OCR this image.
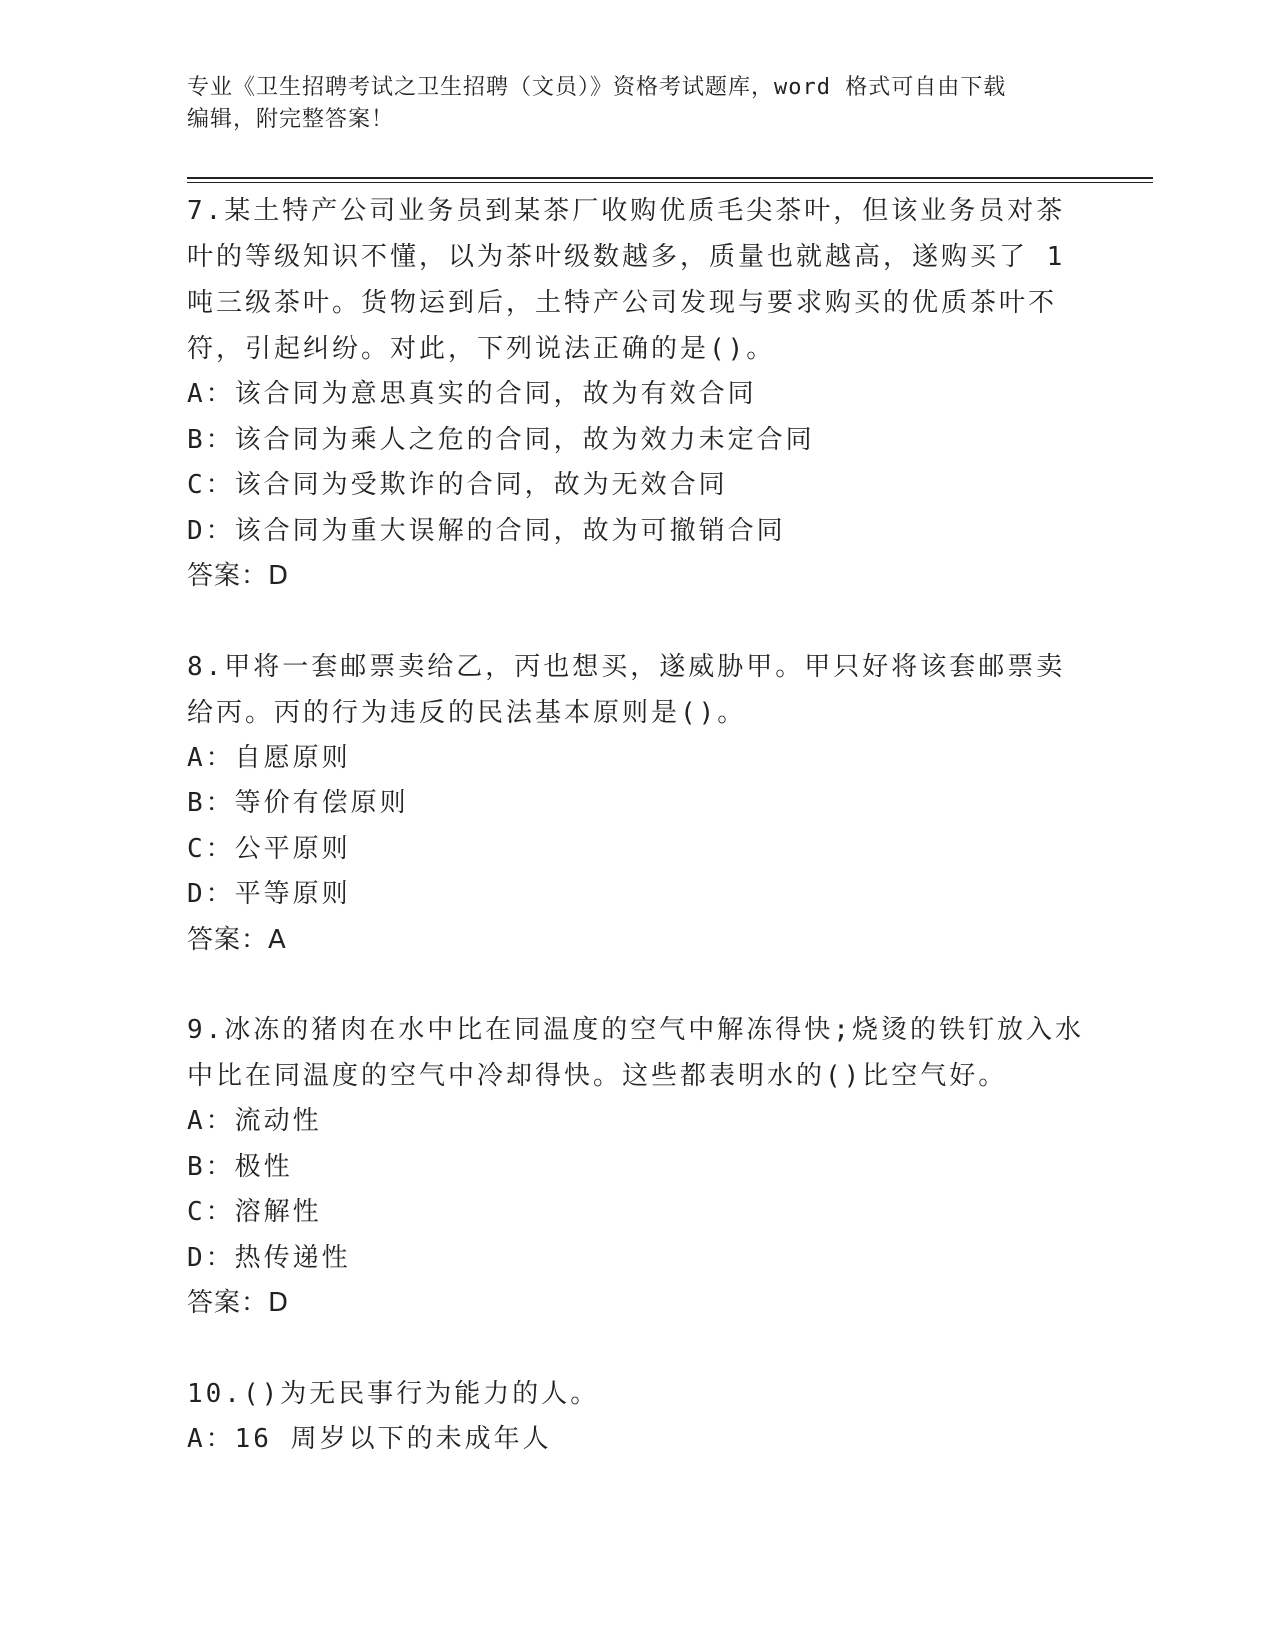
专业《卫生招聘考试之卫生招聘（文员）》资格考试题库，word 格式可自由下载
编辑，附完整答案！
7.某土特产公司业务员到某茶厂收购优质毛尖茶叶，但该业务员对茶
叶的等级知识不懂，以为茶叶级数越多，质量也就越高，遂购买了 1
吨三级茶叶。货物运到后，土特产公司发现与要求购买的优质茶叶不
符，引起纠纷。对此，下列说法正确的是()。
A：该合同为意思真实的合同，故为有效合同
B：该合同为乘人之危的合同，故为效力未定合同
C：该合同为受欺诈的合同，故为无效合同
D：该合同为重大误解的合同，故为可撤销合同
答案：D
8.甲将一套邮票卖给乙，丙也想买，遂威胁甲。甲只好将该套邮票卖
给丙。丙的行为违反的民法基本原则是()。
A：自愿原则
B：等价有偿原则
C：公平原则
D：平等原则
答案：A
9.冰冻的猪肉在水中比在同温度的空气中解冻得快;烧烫的铁钉放入水
中比在同温度的空气中冷却得快。这些都表明水的()比空气好。
A：流动性
B：极性
C：溶解性
D：热传递性
答案：D
10.()为无民事行为能力的人。
A：16 周岁以下的未成年人
